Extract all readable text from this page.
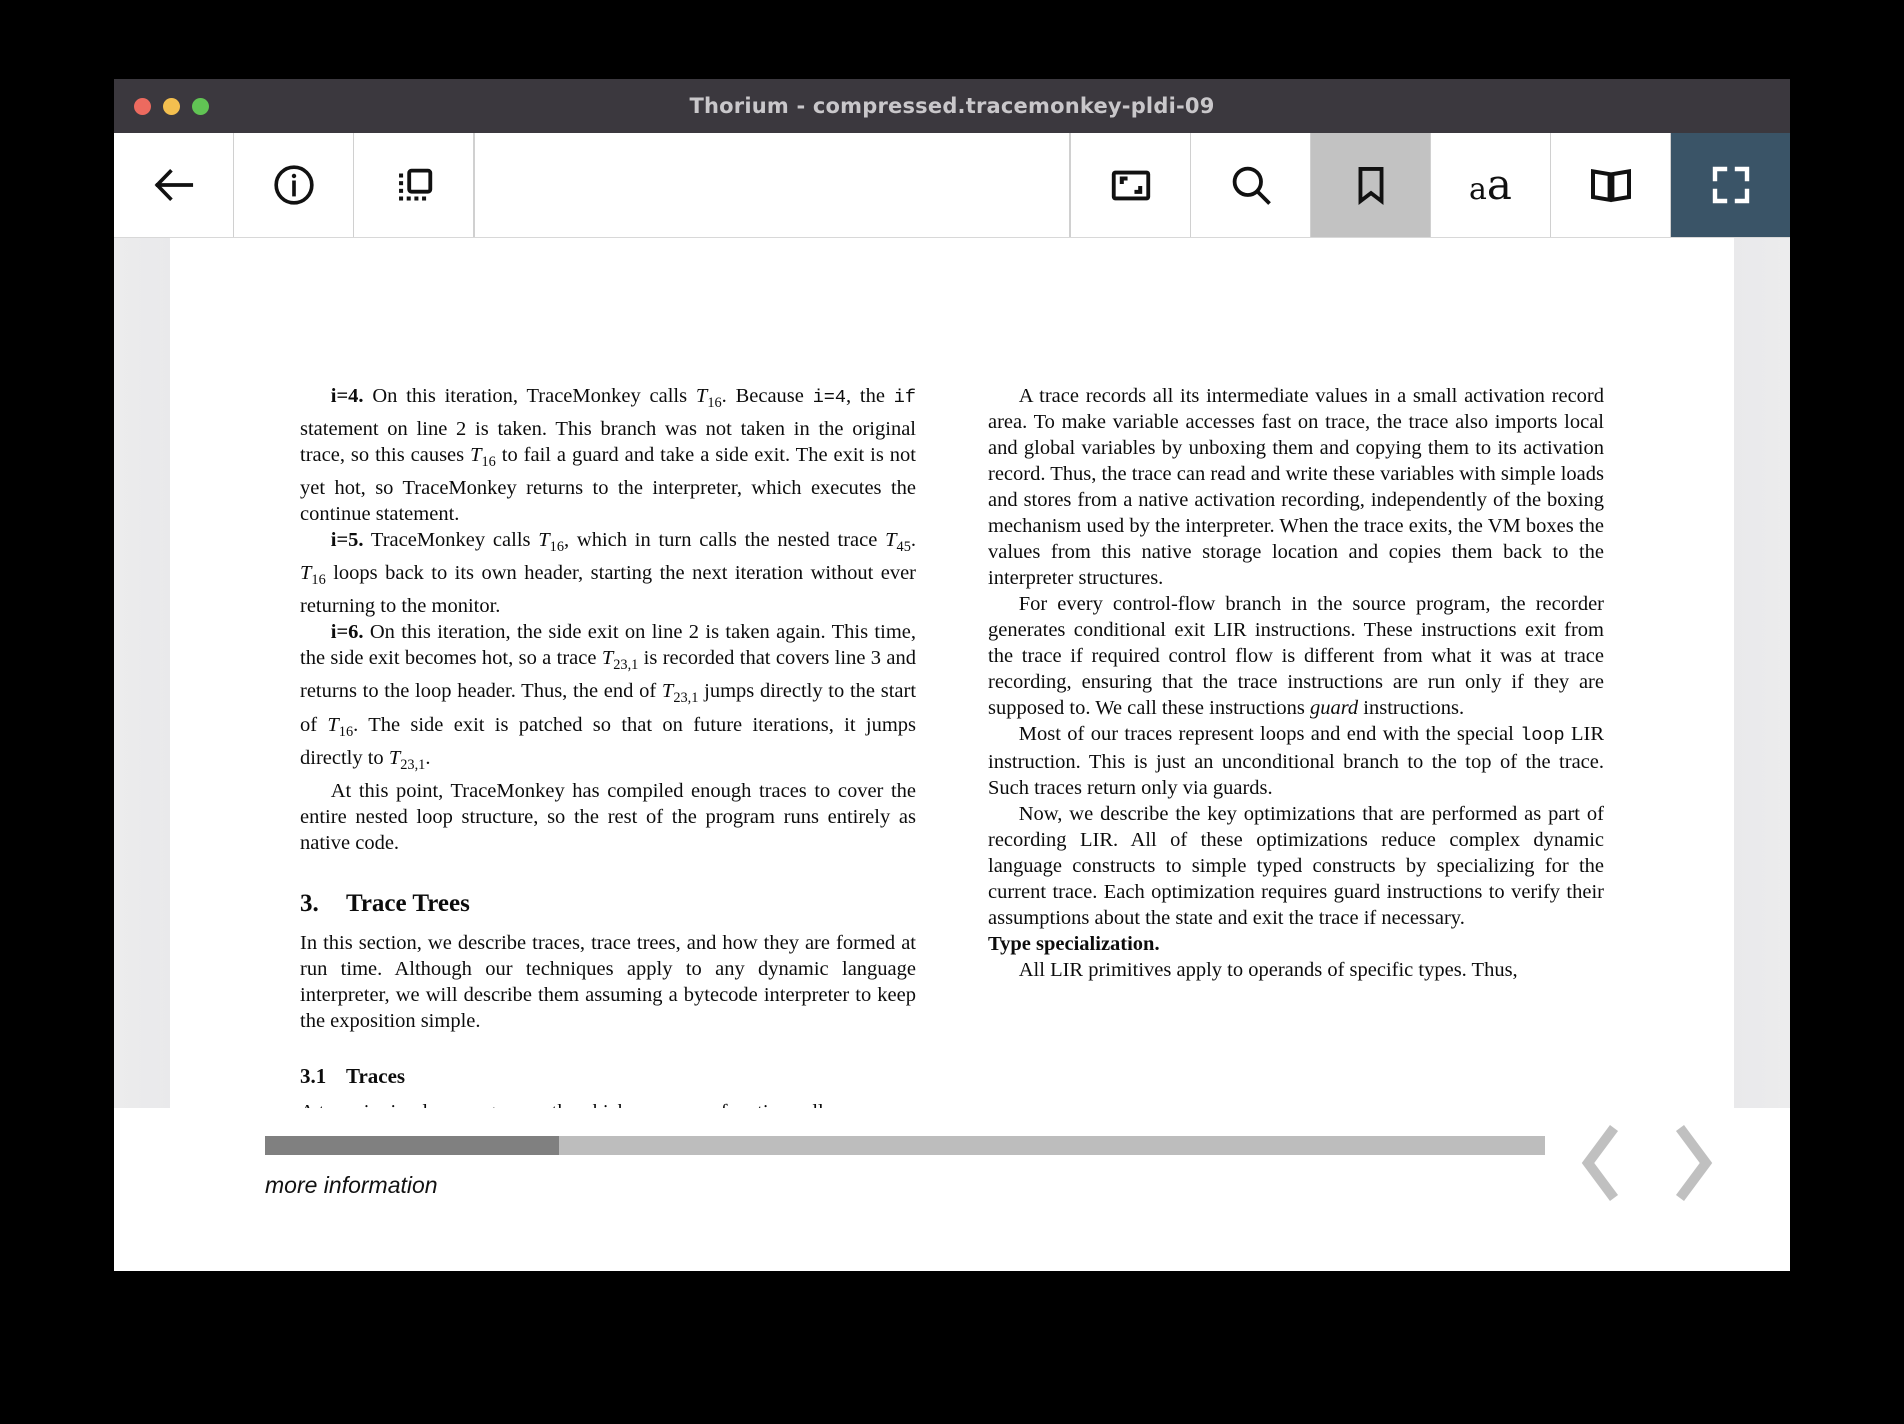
Thorium - compressed.tracemonkey-pldi-09
aa

i=4. On this iteration, TraceMonkey calls $T_{16}$. Because i=4, the if statement on line 2 is taken. This branch was not taken in the original trace, so this causes $T_{16}$ to fail a guard and take a side exit. The exit is not yet hot, so TraceMonkey returns to the interpreter, which executes the continue statement.

i=5. TraceMonkey calls $T_{16}$, which in turn calls the nested trace $T_{45}$. $T_{16}$ loops back to its own header, starting the next iteration without ever returning to the monitor.

i=6. On this iteration, the side exit on line 2 is taken again. This time, the side exit becomes hot, so a trace $T_{23,1}$ is recorded that covers line 3 and returns to the loop header. Thus, the end of $T_{23,1}$ jumps directly to the start of $T_{16}$. The side exit is patched so that on future iterations, it jumps directly to $T_{23,1}$.

At this point, TraceMonkey has compiled enough traces to cover the entire nested loop structure, so the rest of the program runs entirely as native code.

3. Trace Trees

In this section, we describe traces, trace trees, and how they are formed at run time. Although our techniques apply to any dynamic language interpreter, we will describe them assuming a bytecode interpreter to keep the exposition simple.

3.1 Traces

A trace records all its intermediate values in a small activation record area. To make variable accesses fast on trace, the trace also imports local and global variables by unboxing them and copying them to its activation record. Thus, the trace can read and write these variables with simple loads and stores from a native activation recording, independently of the boxing mechanism used by the interpreter. When the trace exits, the VM boxes the values from this native storage location and copies them back to the interpreter structures.

For every control-flow branch in the source program, the recorder generates conditional exit LIR instructions. These instructions exit from the trace if required control flow is different from what it was at trace recording, ensuring that the trace instructions are run only if they are supposed to. We call these instructions guard instructions.

Most of our traces represent loops and end with the special loop LIR instruction. This is just an unconditional branch to the top of the trace. Such traces return only via guards.

Now, we describe the key optimizations that are performed as part of recording LIR. All of these optimizations reduce complex dynamic language constructs to simple typed constructs by specializing for the current trace. Each optimization requires guard instructions to verify their assumptions about the state and exit the trace if necessary.

Type specialization.

All LIR primitives apply to operands of specific types. Thus,

more information
